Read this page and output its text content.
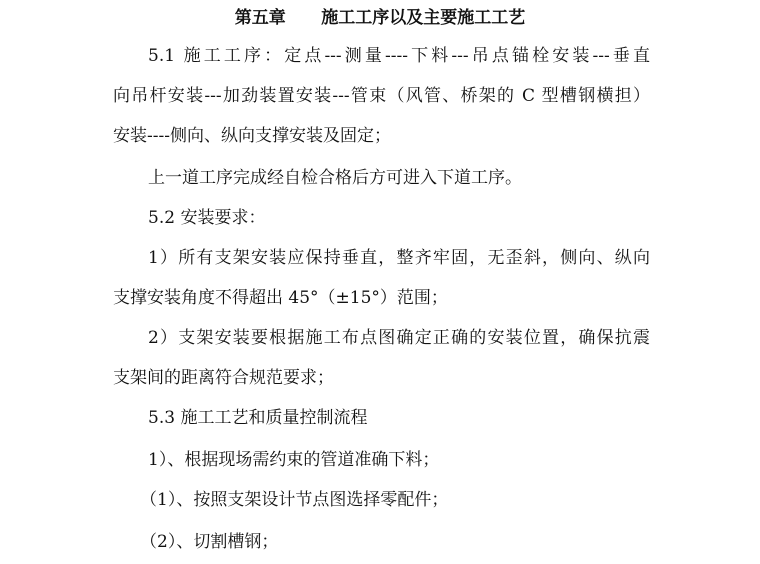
第五章      施工工序以及主要施工工艺
5.1 施工工序：定点---测量----下料---吊点锚栓安装---垂直
向吊杆安装---加劲装置安装---管束（风管、桥架的 C 型槽钢横担）
安装----侧向、纵向支撑安装及固定；
上一道工序完成经自检合格后方可进入下道工序。
5.2 安装要求：
1）所有支架安装应保持垂直，整齐牢固，无歪斜，侧向、纵向
支撑安装角度不得超出 45°（±15°）范围；
2）支架安装要根据施工布点图确定正确的安装位置，确保抗震
支架间的距离符合规范要求；
5.3 施工工艺和质量控制流程
1）、根据现场需约束的管道准确下料；
（1）、按照支架设计节点图选择零配件；
（2）、切割槽钢；
